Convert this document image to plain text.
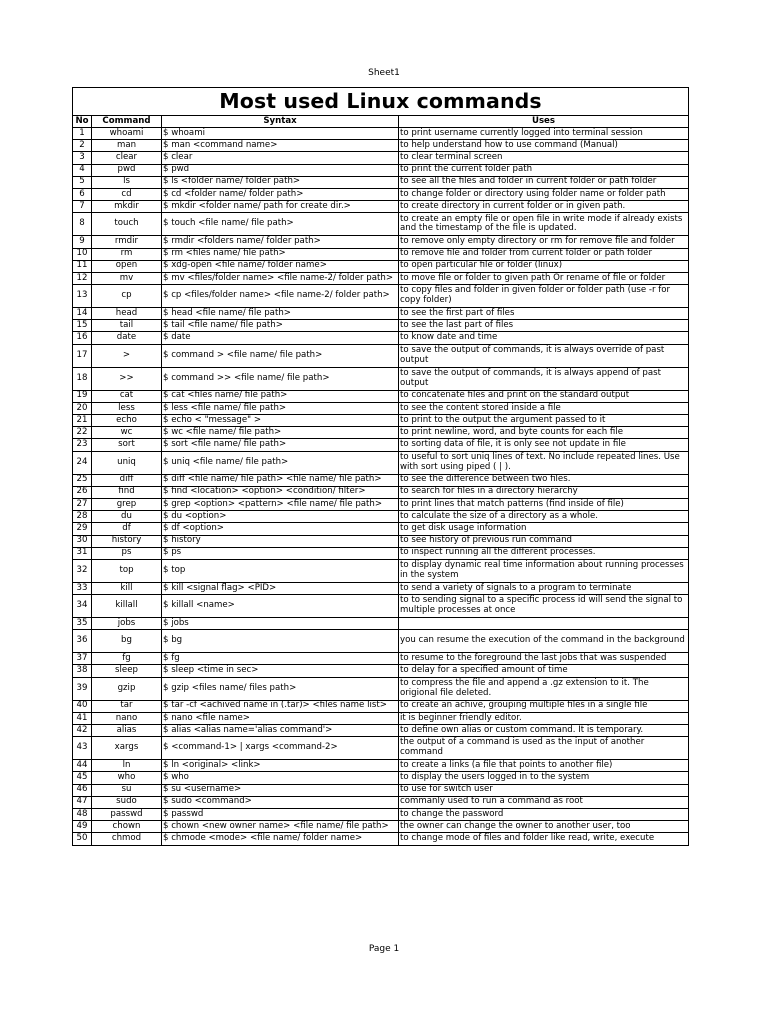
Sheet1
Most used Linux commands
No	Command	Syntax	Uses
1	whoami	$ whoami	to print username currently logged into terminal session
2	man	$ man <command name>	to help understand how to use command (Manual)
3	clear	$ clear	to clear terminal screen
4	pwd	$ pwd	to print the current folder path
5	ls	$ ls <folder name/ folder path>	to see all the files and folder in current folder or path folder
6	cd	$ cd <folder name/ folder path>	to change folder or directory using folder name or folder path
7	mkdir	$ mkdir <folder name/ path for create dir.>	to create directory in current folder or in given path.
8	touch	$ touch <file name/ file path>	to create an empty file or open file in write mode if already exists and the timestamp of the file is updated.
9	rmdir	$ rmdir <folders name/ folder path>	to remove only empty directory or rm for remove file and folder
10	rm	$ rm <files name/ file path>	to remove file and folder from current folder or path folder
11	open	$ xdg-open <file name/ folder name>	to open particular file or folder (linux)
12	mv	$ mv <files/folder name> <file name-2/ folder path>	to move file or folder to given path Or rename of file or folder
13	cp	$ cp <files/folder name> <file name-2/ folder path>	to copy files and folder in given folder or folder path (use -r for copy folder)
14	head	$ head <file name/ file path>	to see the first part of files
15	tail	$ tail <file name/ file path>	to see the last part of files
16	date	$ date	to know date and time
17	>	$ command > <file name/ file path>	to save the output of commands, it is always override of past output
18	>>	$ command >> <file name/ file path>	to save the output of commands, it is always append of past output
19	cat	$ cat <files name/ file path>	to concatenate files and print on the standard output
20	less	$ less <file name/ file path>	to see the content stored inside a file
21	echo	$ echo < "message" >	to print to the output the argument passed to it
22	wc	$ wc <file name/ file path>	to print newline, word, and byte counts for each file
23	sort	$ sort <file name/ file path>	to sorting data of file, it is only see not update in file
24	uniq	$ uniq <file name/ file path>	to useful to sort uniq lines of text. No include repeated lines. Use with sort using piped ( | ).
25	diff	$ diff <file name/ file path> <file name/ file path>	to see the difference between two files.
26	find	$ find <location> <option> <condition/ filter>	to search for files in a directory hierarchy
27	grep	$ grep <option> <pattern> <file name/ file path>	to print lines that match patterns (find inside of file)
28	du	$ du <option>	to calculate the size of a directory as a whole.
29	df	$ df <option>	to get disk usage information
30	history	$ history	to see history of previous run command
31	ps	$ ps	to inspect running all the different processes.
32	top	$ top	to display dynamic real time information about running processes in the system
33	kill	$ kill <signal flag> <PID>	to send a variety of signals to a program to terminate
34	killall	$ killall <name>	to to sending signal to a specific process id will send the signal to multiple processes at once
35	jobs	$ jobs	
36	bg	$ bg	you can resume the execution of the command in the background
37	fg	$ fg	to resume to the foreground the last jobs that was suspended
38	sleep	$ sleep <time in sec>	to delay for a specified amount of time
39	gzip	$ gzip <files name/ files path>	to compress the file and append a .gz extension to it. The origional file deleted.
40	tar	$ tar -cf <achived name in (.tar)> <files name list>	to create an achive, grouping multiple files in a single file
41	nano	$ nano <file name>	it is beginner friendly editor.
42	alias	$ alias <alias name='alias command'>	to define own alias or custom command. It is temporary.
43	xargs	$ <command-1> | xargs <command-2>	the output of a command is used as the input of another command
44	ln	$ ln <original> <link>	to create a links (a file that points to another file)
45	who	$ who	to display the users logged in to the system
46	su	$ su <username>	to use for switch user
47	sudo	$ sudo <command>	commanly used to run a command as root
48	passwd	$ passwd	to change the password
49	chown	$ chown <new owner name> <file name/ file path>	the owner can change the owner to another user, too
50	chmod	$ chmode <mode> <file name/ folder name>	to change mode of files and folder like read, write, execute
Page 1
